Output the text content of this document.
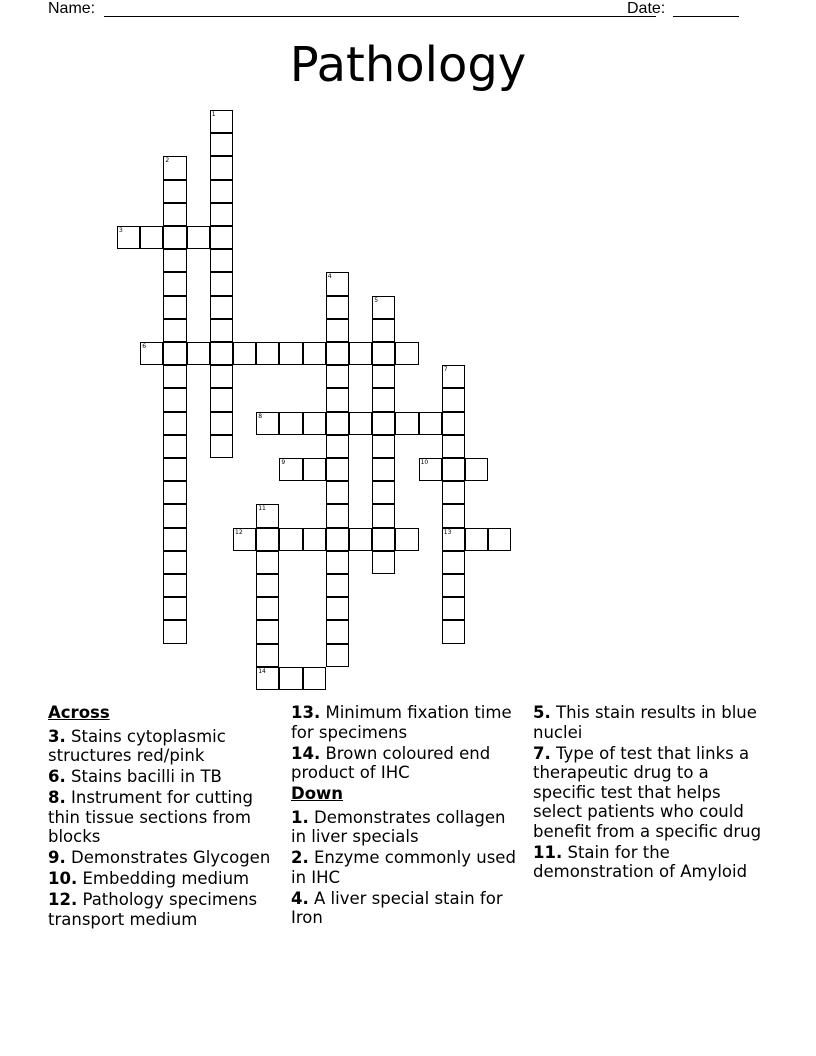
Name:	Date:
Pathology
1
2
3
4
5
6
7
13
8
9	10
11
14
12
Across
3. Stains cytoplasmic structures red/pink
6. Stains bacilli in TB
8. Instrument for cutting thin tissue sections from blocks
9. Demonstrates Glycogen
10. Embedding medium
12. Pathology specimens transport medium
13. Minimum fixation time for specimens
14. Brown coloured end product of IHC
Down
1. Demonstrates collagen in liver specials
2. Enzyme commonly used in IHC
4. A liver special stain for Iron
5. This stain results in blue nuclei
7. Type of test that links a therapeutic drug to a specific test that helps select patients who could benefit from a specific drug
11. Stain for the demonstration of Amyloid
